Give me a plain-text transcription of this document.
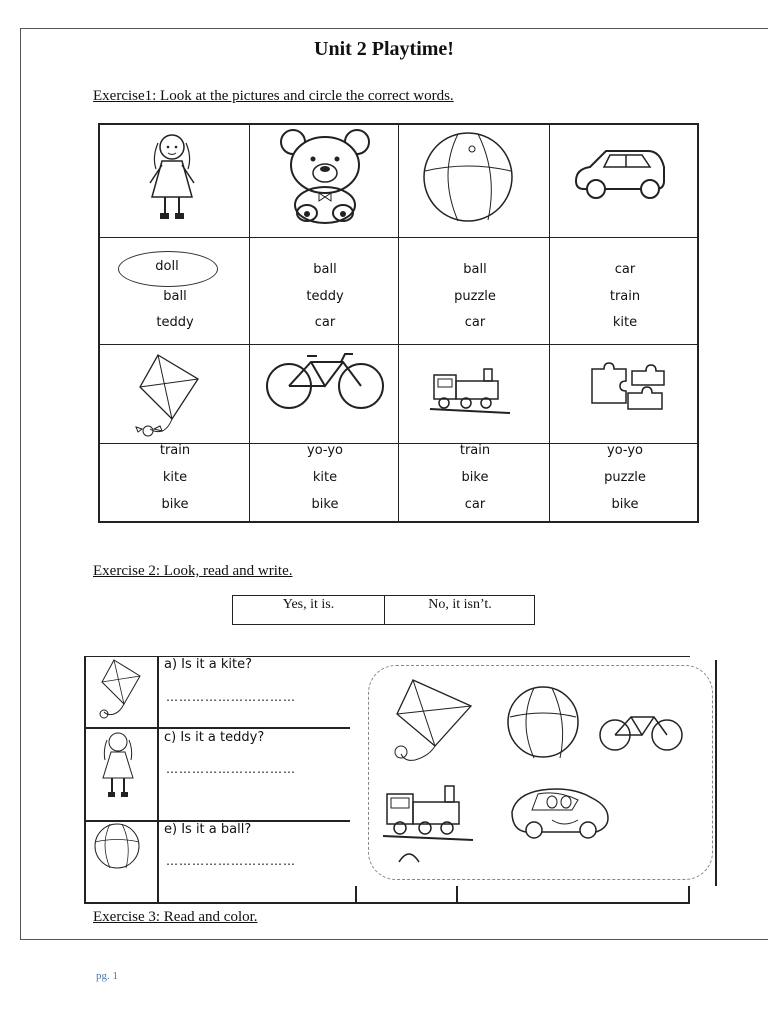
Unit 2 Playtime!
Exercise1: Look at the pictures and circle the correct words.
doll
ball
teddy
ball
teddy
car
ball
puzzle
car
car
train
kite
train
kite
bike
yo-yo
kite
bike
train
bike
car
yo-yo
puzzle
bike
Exercise 2: Look, read and write.
Yes, it is.	No, it isn’t.
a) Is it a kite?
…………………………
c) Is it a teddy?
…………………………
e) Is it a ball?
…………………………
Exercise 3: Read and color.
pg. 1
